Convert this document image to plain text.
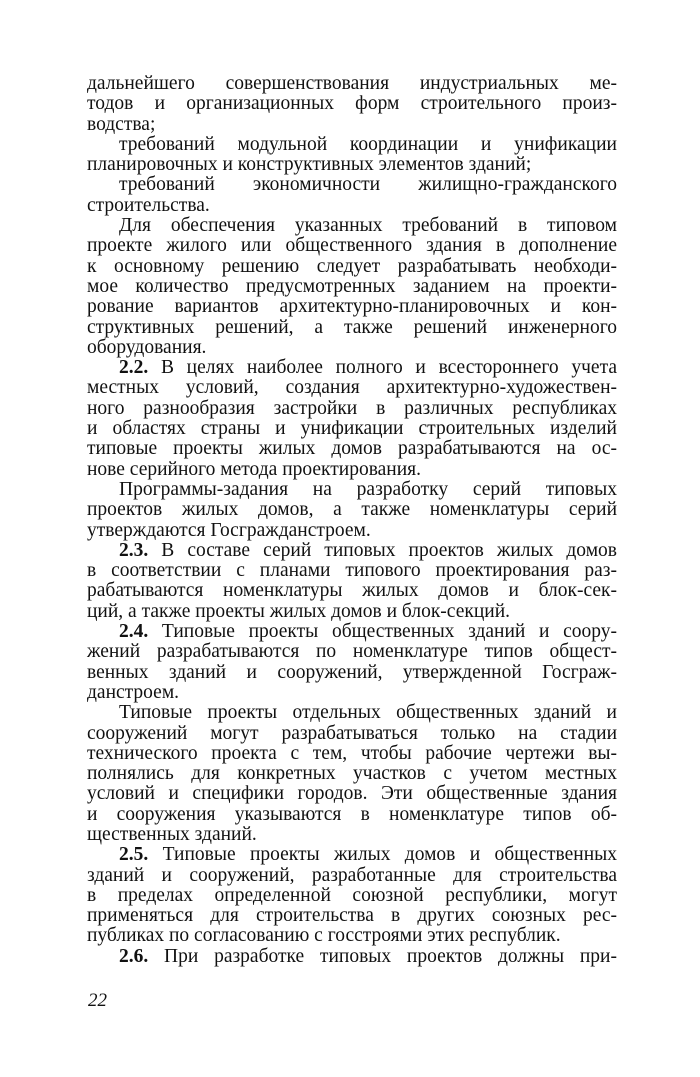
дальнейшего совершенствования индустриальных ме-
тодов и организационных форм строительного произ-
водства;
требований модульной координации и унификации
планировочных и конструктивных элементов зданий;
требований экономичности жилищно-гражданского
строительства.
Для обеспечения указанных требований в типовом
проекте жилого или общественного здания в дополнение
к основному решению следует разрабатывать необходи-
мое количество предусмотренных заданием на проекти-
рование вариантов архитектурно-планировочных и кон-
структивных решений, а также решений инженерного
оборудования.
2.2. В целях наиболее полного и всестороннего учета
местных условий, создания архитектурно-художествен-
ного разнообразия застройки в различных республиках
и областях страны и унификации строительных изделий
типовые проекты жилых домов разрабатываются на ос-
нове серийного метода проектирования.
Программы-задания на разработку серий типовых
проектов жилых домов, а также номенклатуры серий
утверждаются Госгражданстроем.
2.3. В составе серий типовых проектов жилых домов
в соответствии с планами типового проектирования раз-
рабатываются номенклатуры жилых домов и блок-сек-
ций, а также проекты жилых домов и блок-секций.
2.4. Типовые проекты общественных зданий и соору-
жений разрабатываются по номенклатуре типов общест-
венных зданий и сооружений, утвержденной Госграж-
данстроем.
Типовые проекты отдельных общественных зданий и
сооружений могут разрабатываться только на стадии
технического проекта с тем, чтобы рабочие чертежи вы-
полнялись для конкретных участков с учетом местных
условий и специфики городов. Эти общественные здания
и сооружения указываются в номенклатуре типов об-
щественных зданий.
2.5. Типовые проекты жилых домов и общественных
зданий и сооружений, разработанные для строительства
в пределах определенной союзной республики, могут
применяться для строительства в других союзных рес-
публиках по согласованию с госстроями этих республик.
2.6. При разработке типовых проектов должны при-
22
